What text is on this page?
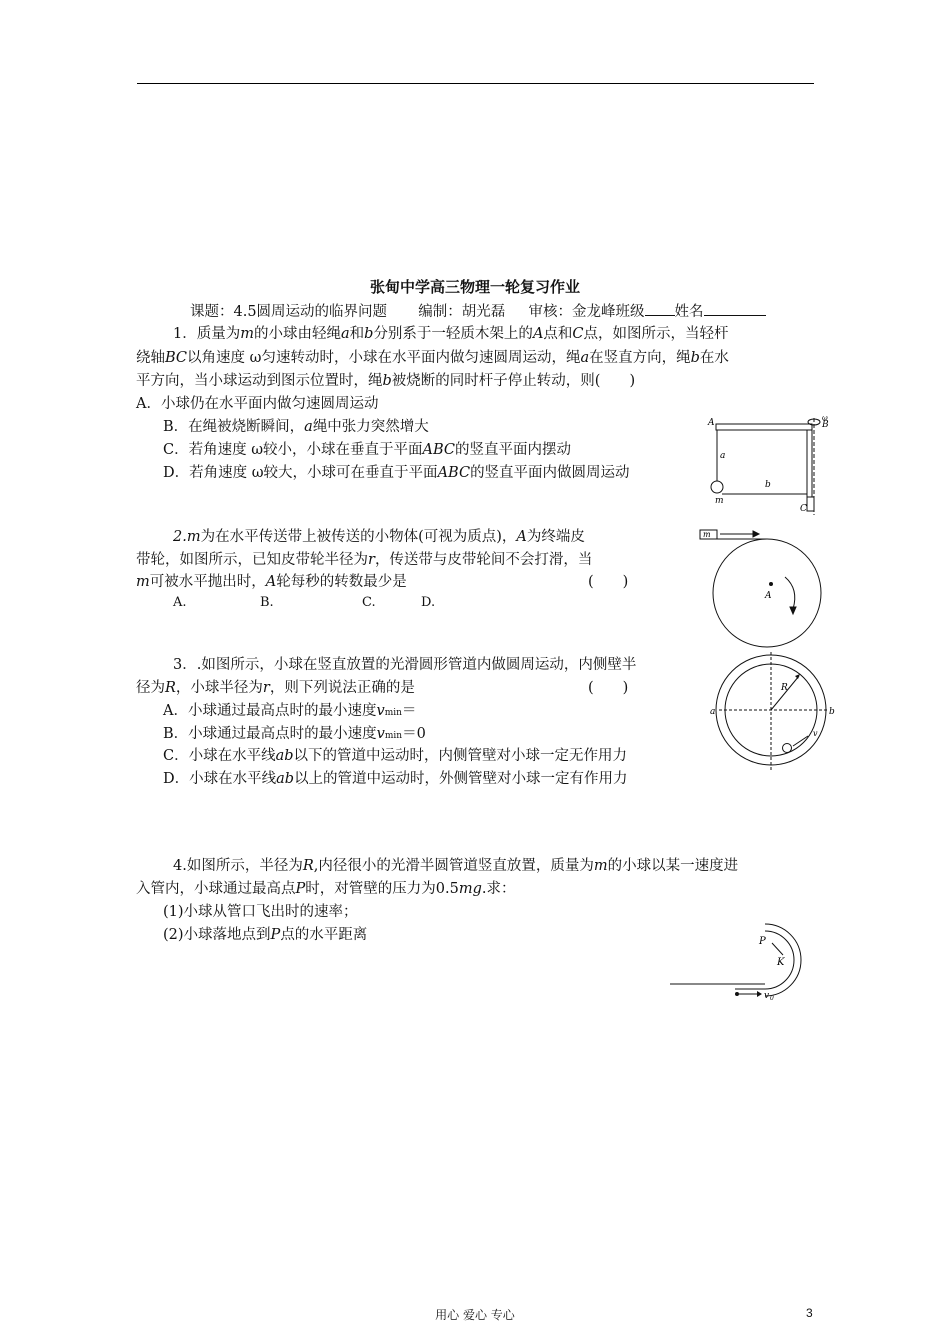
张甸中学高三物理一轮复习作业
课题：4.5圆周运动的临界问题 编制：胡光磊 审核：金龙峰班级 姓名
1．质量为m的小球由轻绳a和b分别系于一轻质木架上的A点和C点，如图所示，当轻杆
绕轴BC以角速度 ω匀速转动时，小球在水平面内做匀速圆周运动，绳a在竖直方向，绳b在水
平方向，当小球运动到图示位置时，绳b被烧断的同时杆子停止转动，则(　　)
A．小球仍在水平面内做匀速圆周运动
B．在绳被烧断瞬间，a绳中张力突然增大
C．若角速度 ω较小，小球在垂直于平面ABC的竖直平面内摆动
D．若角速度 ω较大，小球可在垂直于平面ABC的竖直平面内做圆周运动
A	B
C
a
b
m
ω
2.m为在水平传送带上被传送的小物体(可视为质点)，A为终端皮
带轮，如图所示，已知皮带轮半径为r，传送带与皮带轮间不会打滑，当
m可被水平抛出时，A轮每秒的转数最少是	(　　)
A.	B.	C.	D.
m
A
3．.如图所示，小球在竖直放置的光滑圆形管道内做圆周运动，内侧壁半
径为R，小球半径为r，则下列说法正确的是	(　　)
A．小球通过最高点时的最小速度vmin＝
B．小球通过最高点时的最小速度vmin＝0
C．小球在水平线ab以下的管道中运动时，内侧管壁对小球一定无作用力
D．小球在水平线ab以上的管道中运动时，外侧管壁对小球一定有作用力
a	b
R
v
4.如图所示，半径为R,内径很小的光滑半圆管道竖直放置，质量为m的小球以某一速度进
入管内，小球通过最高点P时，对管壁的压力为0.5mg.求：
(1)小球从管口飞出时的速率；
(2)小球落地点到P点的水平距离	P
K
v 0
用心 爱心 专心	3
